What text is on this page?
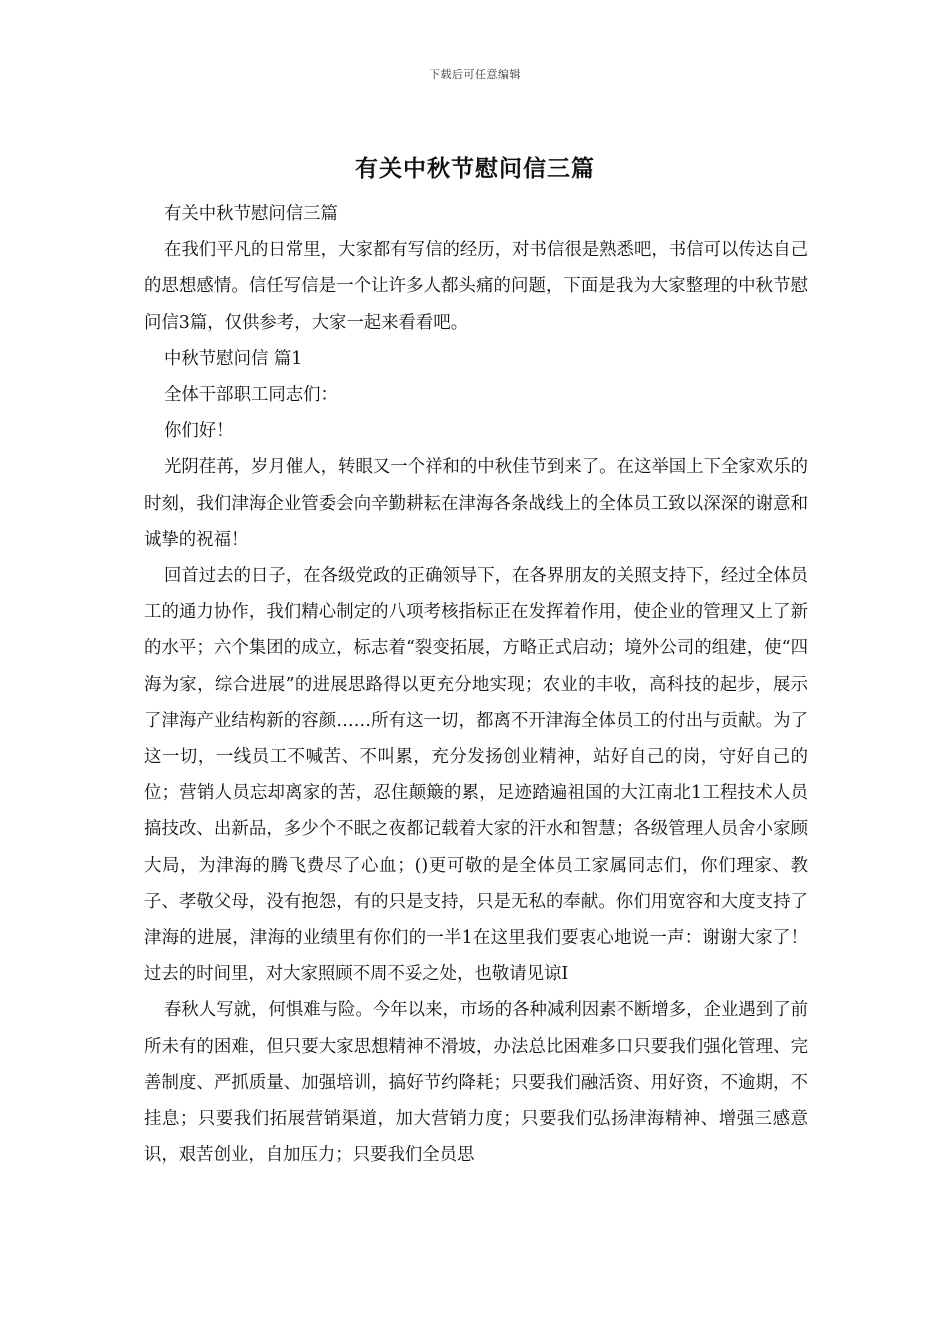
下载后可任意编辑
有关中秋节慰问信三篇

有关中秋节慰问信三篇

在我们平凡的日常里，大家都有写信的经历，对书信很是熟悉吧，书信可以传达自己的思想感情。信任写信是一个让许多人都头痛的问题，下面是我为大家整理的中秋节慰问信3篇，仅供参考，大家一起来看看吧。

中秋节慰问信 篇1

全体干部职工同志们：

你们好！

光阴荏苒，岁月催人，转眼又一个祥和的中秋佳节到来了。在这举国上下全家欢乐的时刻，我们津海企业管委会向辛勤耕耘在津海各条战线上的全体员工致以深深的谢意和诚挚的祝福！

回首过去的日子，在各级党政的正确领导下，在各界朋友的关照支持下，经过全体员工的通力协作，我们精心制定的八项考核指标正在发挥着作用，使企业的管理又上了新的水平；六个集团的成立，标志着“裂变拓展，方略正式启动；境外公司的组建，使“四海为家，综合进展”的进展思路得以更充分地实现；农业的丰收，高科技的起步，展示了津海产业结构新的容颜……所有这一切，都离不开津海全体员工的付出与贡献。为了这一切，一线员工不喊苦、不叫累，充分发扬创业精神，站好自己的岗，守好自己的位；营销人员忘却离家的苦，忍住颠簸的累，足迹踏遍祖国的大江南北1工程技术人员搞技改、出新品，多少个不眠之夜都记载着大家的汗水和智慧；各级管理人员舍小家顾大局，为津海的腾飞费尽了心血；()更可敬的是全体员工家属同志们，你们理家、教子、孝敬父母，没有抱怨，有的只是支持，只是无私的奉献。你们用宽容和大度支持了津海的进展，津海的业绩里有你们的一半1在这里我们要衷心地说一声：谢谢大家了！过去的时间里，对大家照顾不周不妥之处，也敬请见谅I

春秋人写就，何惧难与险。今年以来，市场的各种减利因素不断增多，企业遇到了前所未有的困难，但只要大家思想精神不滑坡，办法总比困难多口只要我们强化管理、完善制度、严抓质量、加强培训，搞好节约降耗；只要我们融活资、用好资，不逾期，不挂息；只要我们拓展营销渠道，加大营销力度；只要我们弘扬津海精神、增强三感意识，艰苦创业，自加压力；只要我们全员思
